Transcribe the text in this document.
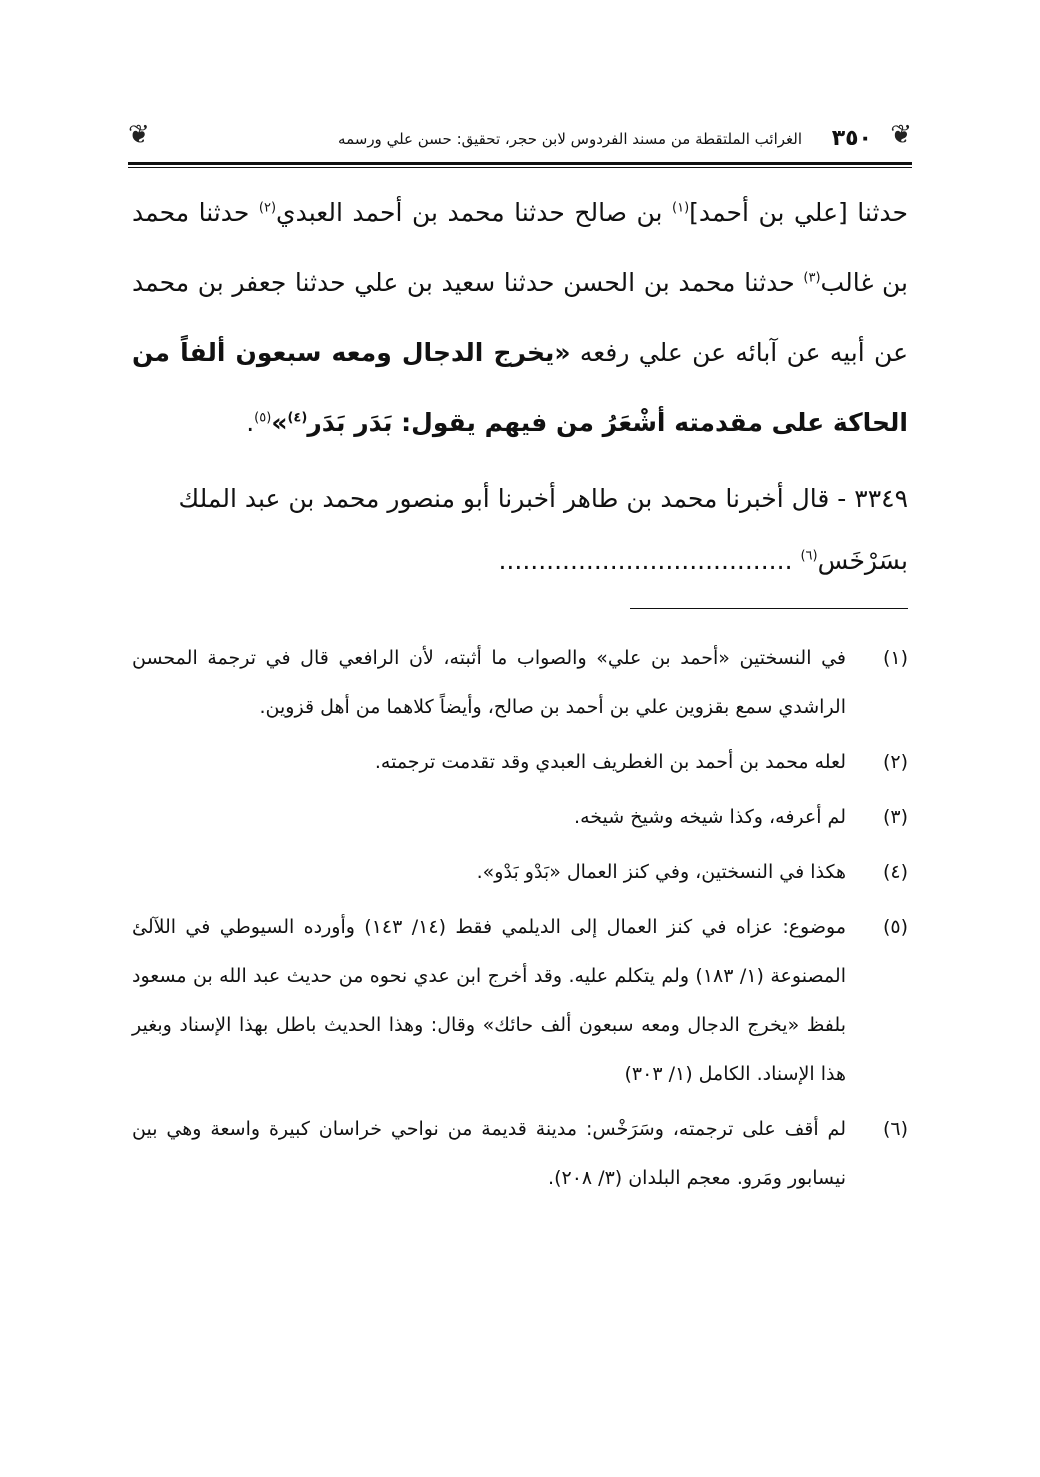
❦
٣٥٠
الغرائب الملتقطة من مسند الفردوس لابن حجر، تحقيق: حسن علي ورسمه
❦

حدثنا [علي بن أحمد]$^{(١)}$ بن صالح حدثنا محمد بن أحمد العبدي$^{(٢)}$ حدثنا محمد بن غالب$^{(٣)}$ حدثنا محمد بن الحسن حدثنا سعيد بن علي حدثنا جعفر بن محمد عن أبيه عن آبائه عن علي رفعه «يخرج الدجال ومعه سبعون ألفاً من الحاكة على مقدمته أشْعَرُ من فيهم يقول: بَدَر بَدَر$^{(٤)}$»$^{(٥)}$.

٣٣٤٩ - قال أخبرنا محمد بن طاهر أخبرنا أبو منصور محمد بن عبد الملك بسَرْخَس$^{(٦)}$ .....................................

(١)
في النسختين «أحمد بن علي» والصواب ما أثبته، لأن الرافعي قال في ترجمة المحسن الراشدي سمع بقزوين علي بن أحمد بن صالح، وأيضاً كلاهما من أهل قزوين.
(٢)
لعله محمد بن أحمد بن الغطريف العبدي وقد تقدمت ترجمته.
(٣)
لم أعرفه، وكذا شيخه وشيخ شيخه.
(٤)
هكذا في النسختين، وفي كنز العمال «بَدْو بَدْو».
(٥)
موضوع: عزاه في كنز العمال إلى الديلمي فقط (١٤/ ١٤٣) وأورده السيوطي في اللآلئ المصنوعة (١/ ١٨٣) ولم يتكلم عليه. وقد أخرج ابن عدي نحوه من حديث عبد الله بن مسعود بلفظ «يخرج الدجال ومعه سبعون ألف حائك» وقال: وهذا الحديث باطل بهذا الإسناد وبغير هذا الإسناد. الكامل (١/ ٣٠٣)
(٦)
لم أقف على ترجمته، وسَرَخْس: مدينة قديمة من نواحي خراسان كبيرة واسعة وهي بين نيسابور ومَرو. معجم البلدان (٣/ ٢٠٨).
